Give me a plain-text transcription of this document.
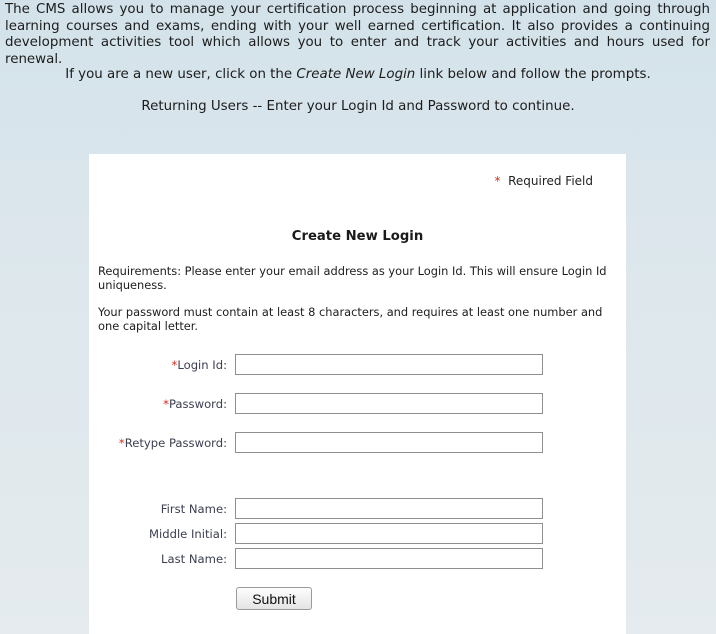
The CMS allows you to manage your certification process beginning at application and going through learning courses and exams, ending with your well earned certification. It also provides a continuing development activities tool which allows you to enter and track your activities and hours used for renewal.
If you are a new user, click on the Create New Login link below and follow the prompts.
Returning Users -- Enter your Login Id and Password to continue.
* Required Field
Create New Login
Requirements: Please enter your email address as your Login Id. This will ensure Login Id uniqueness.
Your password must contain at least 8 characters, and requires at least one number and one capital letter.
*Login Id:
*Password:
*Retype Password:
First Name:
Middle Initial:
Last Name:
Submit
